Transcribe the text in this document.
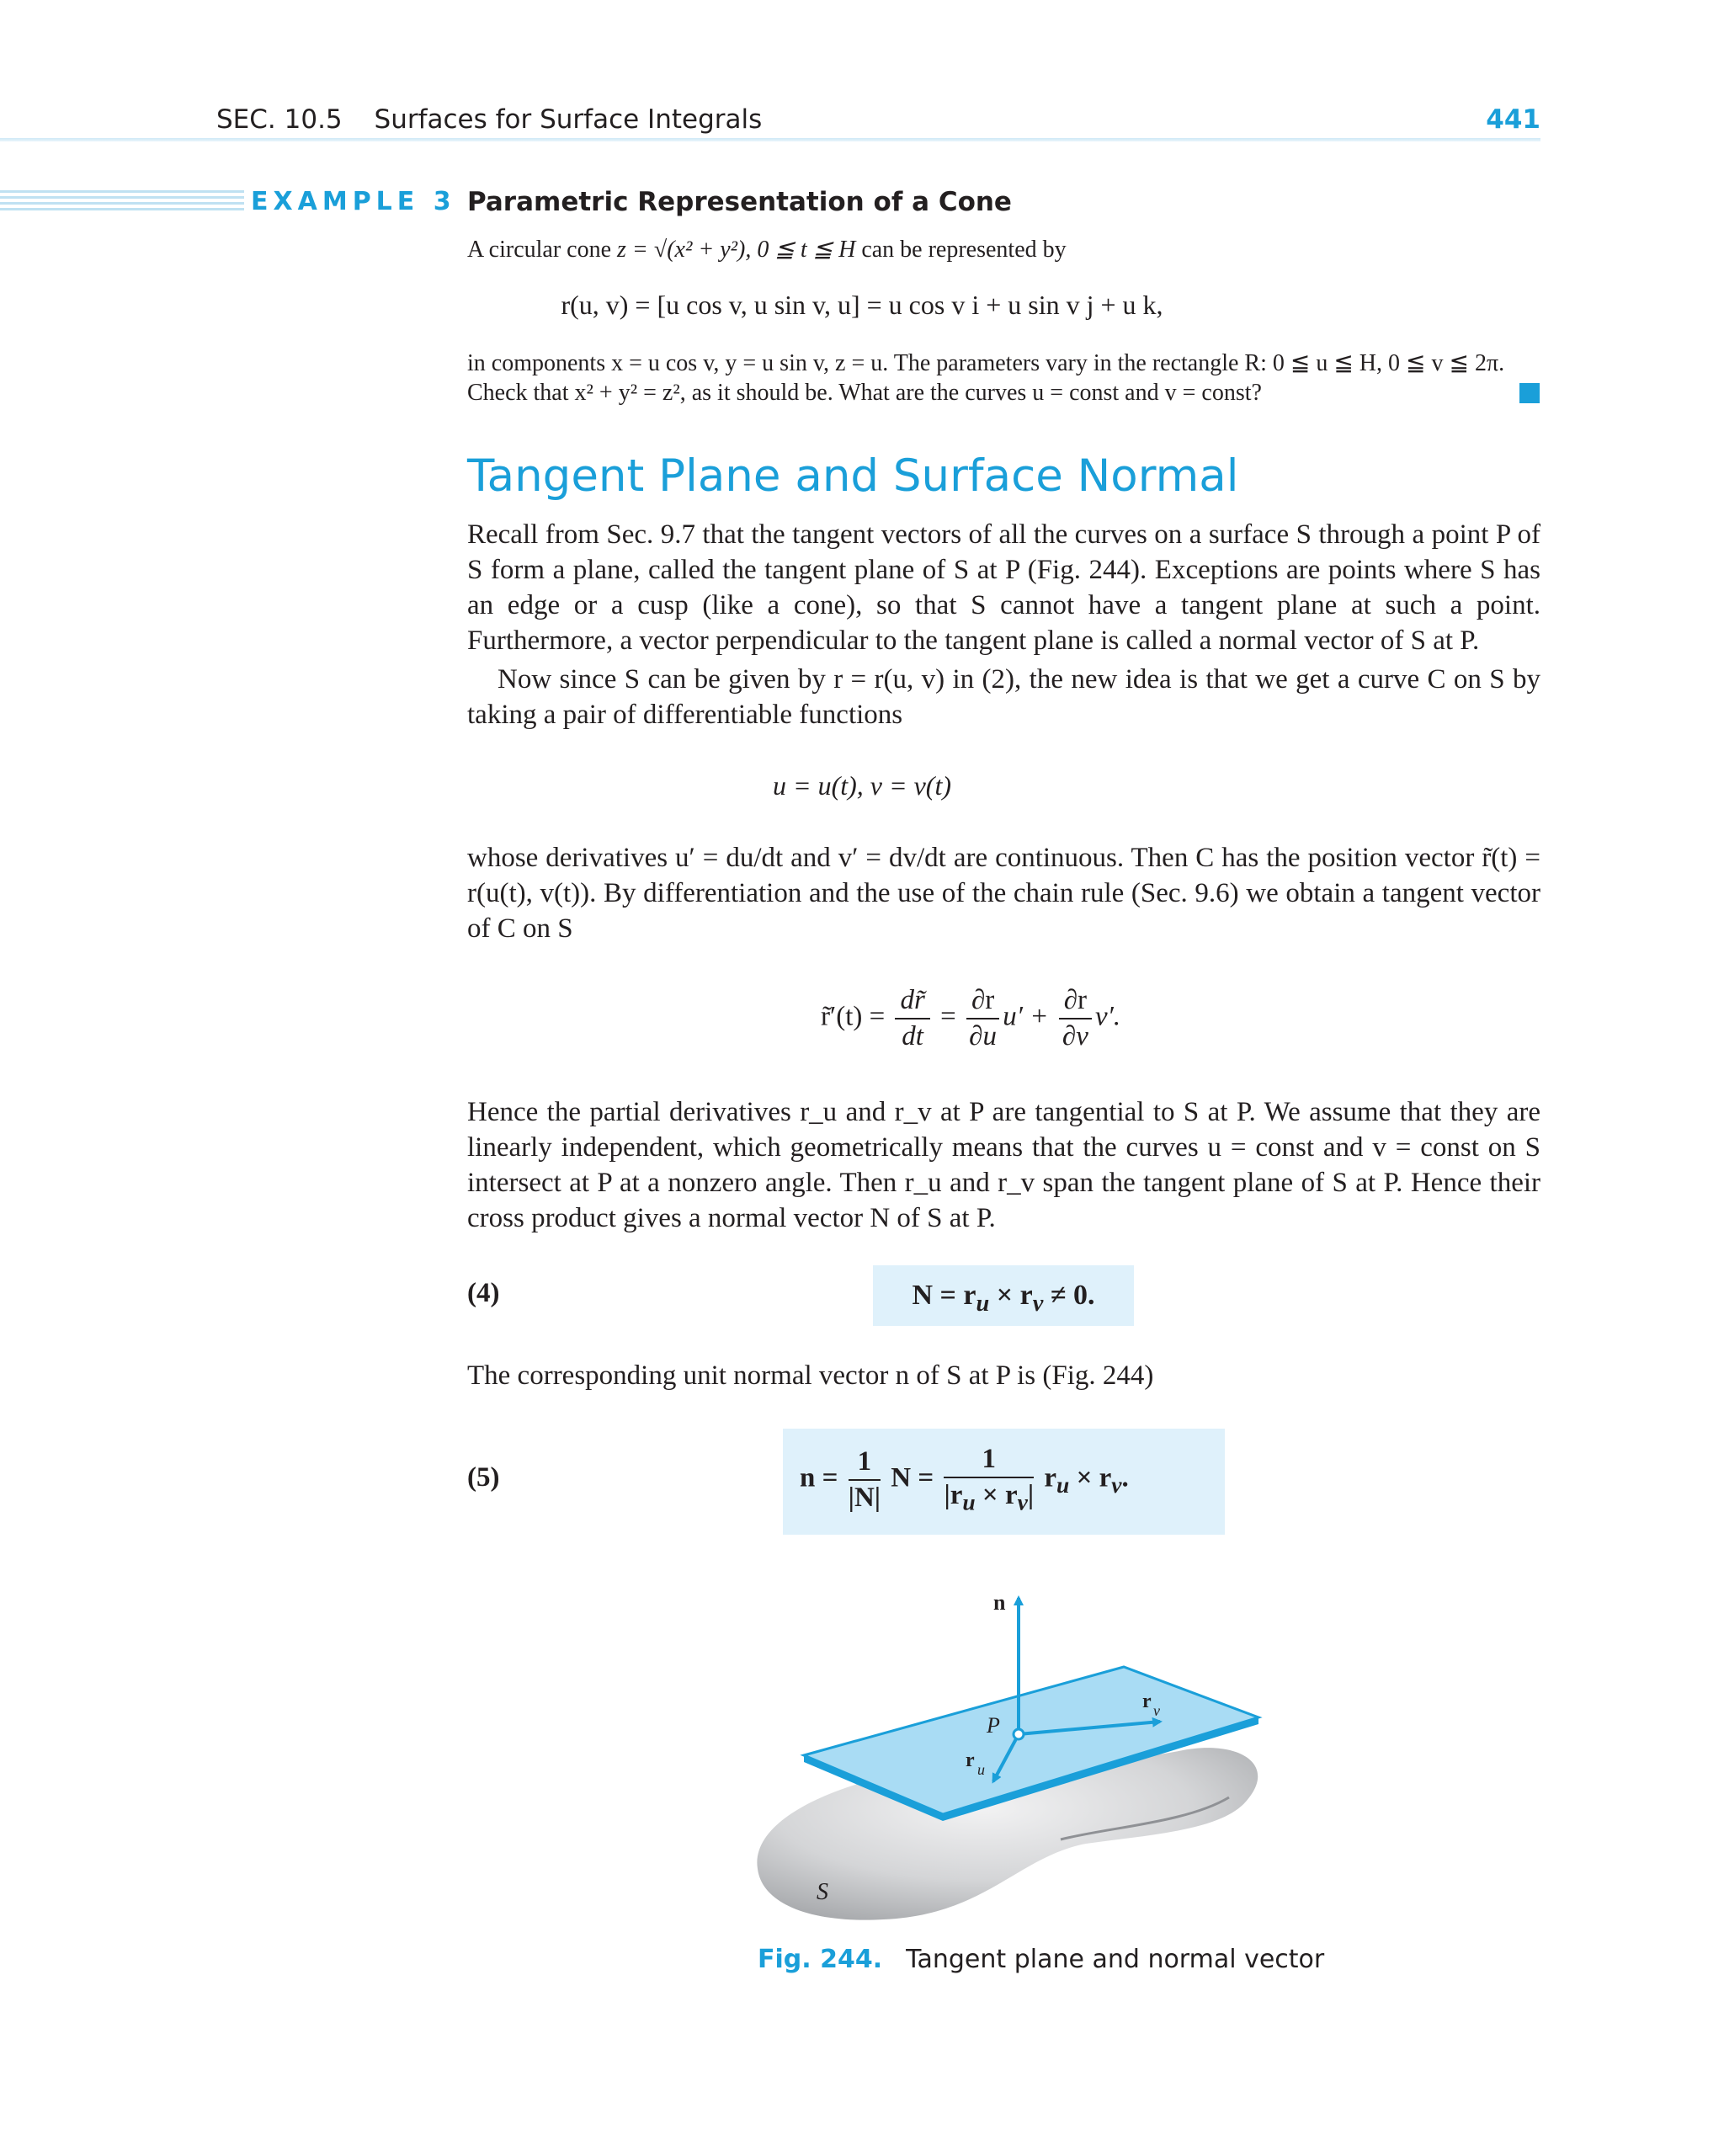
SEC. 10.5 Surfaces for Surface Integrals	441
EXAMPLE 3 Parametric Representation of a Cone
A circular cone z = √(x² + y²), 0 ≦ t ≦ H can be represented by
r(u, v) = [u cos v, u sin v, u] = u cos v i + u sin v j + u k,
in components x = u cos v, y = u sin v, z = u. The parameters vary in the rectangle R: 0 ≦ u ≦ H, 0 ≦ v ≦ 2π.
Check that x² + y² = z², as it should be. What are the curves u = const and v = const?
Tangent Plane and Surface Normal
Recall from Sec. 9.7 that the tangent vectors of all the curves on a surface S through a point P of S form a plane, called the tangent plane of S at P (Fig. 244). Exceptions are points where S has an edge or a cusp (like a cone), so that S cannot have a tangent plane at such a point. Furthermore, a vector perpendicular to the tangent plane is called a normal vector of S at P.
Now since S can be given by r = r(u, v) in (2), the new idea is that we get a curve C on S by taking a pair of differentiable functions
u = u(t), v = v(t)
whose derivatives u′ = du/dt and v′ = dv/dt are continuous. Then C has the position vector r̃(t) = r(u(t), v(t)). By differentiation and the use of the chain rule (Sec. 9.6) we obtain a tangent vector of C on S
r̃′(t) = $\frac{dr̃}{dt} = \frac{\partial r}{\partial u} u' + \frac{\partial r}{\partial v} v'$.
Hence the partial derivatives r_u and r_v at P are tangential to S at P. We assume that they are linearly independent, which geometrically means that the curves u = const and v = const on S intersect at P at a nonzero angle. Then r_u and r_v span the tangent plane of S at P. Hence their cross product gives a normal vector N of S at P.
(4)	$N = r_u \times r_v \ne 0$.
The corresponding unit normal vector n of S at P is (Fig. 244)
(5)	$n = \frac{1}{|N|}$ $N = \frac{1}{|r_u \times r_v|} r_u \times r_v$.
n
P
r u
r v
S
Fig. 244. Tangent plane and normal vector
